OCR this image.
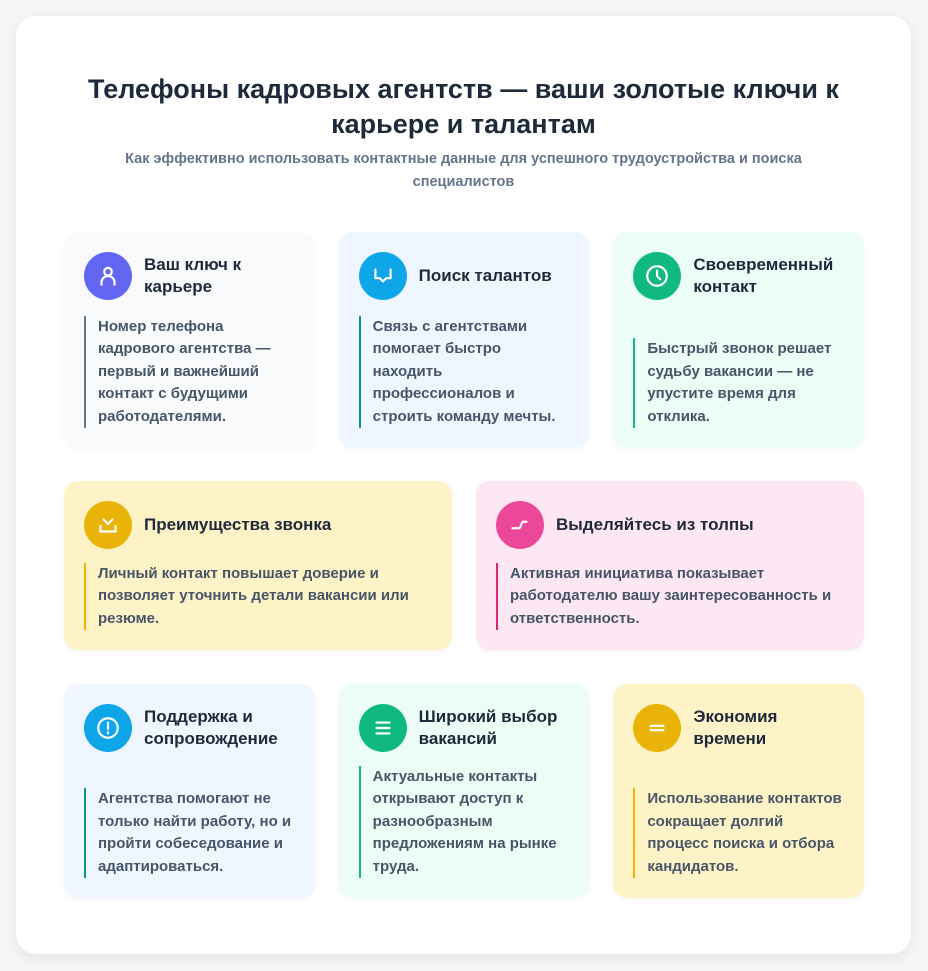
Телефоны кадровых агентств — ваши золотые ключи к карьере и талантам

Как эффективно использовать контактные данные для успешного трудоустройства и поиска специалистов

Ваш ключ к карьере

Номер телефона кадрового агентства — первый и важнейший контакт с будущими работодателями.

Поиск талантов

Связь с агентствами помогает быстро находить профессионалов и строить команду мечты.

Своевременный контакт

Быстрый звонок решает судьбу вакансии — не упустите время для отклика.

Преимущества звонка

Личный контакт повышает доверие и позволяет уточнить детали вакансии или резюме.

Выделяйтесь из толпы

Активная инициатива показывает работодателю вашу заинтересованность и ответственность.

Поддержка и сопровождение

Агентства помогают не только найти работу, но и пройти собеседование и адаптироваться.

Широкий выбор вакансий

Актуальные контакты открывают доступ к разнообразным предложениям на рынке труда.

Экономия времени

Использование контактов сокращает долгий процесс поиска и отбора кандидатов.
